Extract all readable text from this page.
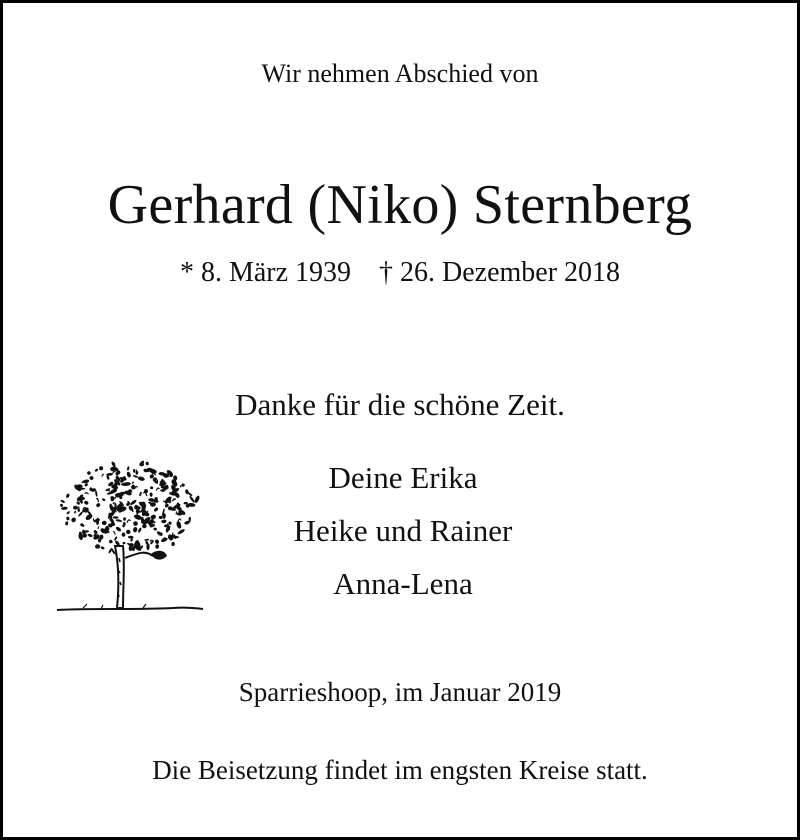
Wir nehmen Abschied von
Gerhard (Niko) Sternberg
* 8. März 1939 † 26. Dezember 2018
Danke für die schöne Zeit.
Deine Erika
Heike und Rainer
Anna-Lena
Sparrieshoop, im Januar 2019
Die Beisetzung findet im engsten Kreise statt.
